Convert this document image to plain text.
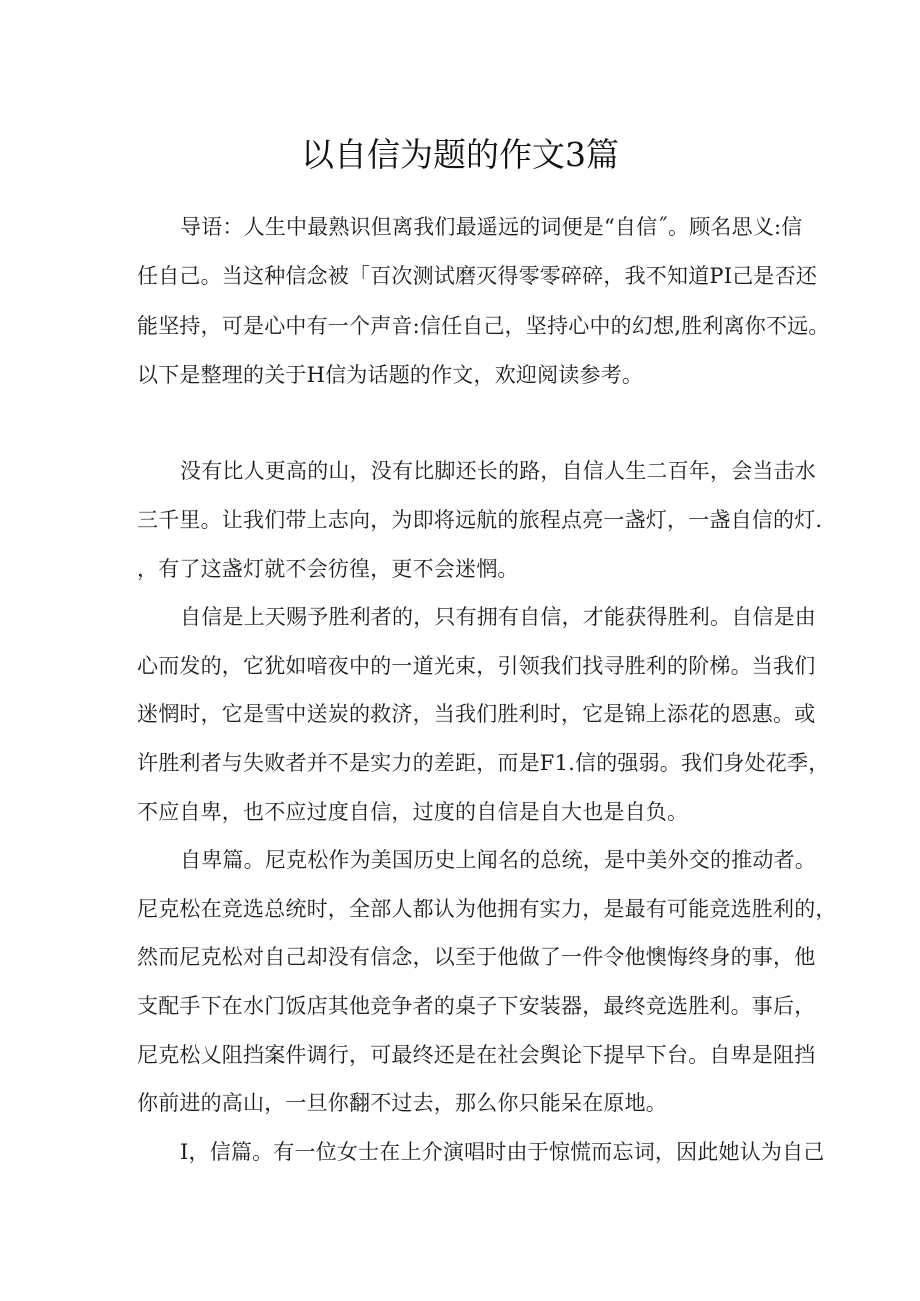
以自信为题的作文3篇
导语：人生中最熟识但离我们最遥远的词便是“自信˝。顾名思义:信
任自己。当这种信念被「百次测试磨灭得零零碎碎，我不知道PI己是否还
能坚持，可是心中有一个声音:信任自己，坚持心中的幻想,胜利离你不远。
以下是整理的关于H信为话题的作文，欢迎阅读参考。
没有比人更高的山，没有比脚还长的路，自信人生二百年，会当击水
三千里。让我们带上志向，为即将远航的旅程点亮一盏灯，一盏自信的灯.
，有了这盏灯就不会彷徨，更不会迷惘。
自信是上天赐予胜利者的，只有拥有自信，才能获得胜利。自信是由
心而发的，它犹如喑夜中的一道光束，引领我们找寻胜利的阶梯。当我们
迷惘时，它是雪中送炭的救济，当我们胜利时，它是锦上添花的恩惠。或
许胜利者与失败者并不是实力的差距，而是F1.信的强弱。我们身处花季，
不应自卑，也不应过度自信，过度的自信是自大也是自负。
自卑篇。尼克松作为美国历史上闻名的总统，是中美外交的推动者。
尼克松在竞选总统时，全部人都认为他拥有实力，是最有可能竞选胜利的，
然而尼克松对自己却没有信念，以至于他做了一件令他懊悔终身的事，他
支配手下在水门饭店其他竞争者的桌子下安装器，最终竞选胜利。事后，
尼克松乂阻挡案件调行，可最终还是在社会舆论下提早下台。自卑是阻挡
你前进的高山，一旦你翻不过去，那么你只能呆在原地。
I，信篇。有一位女士在上介演唱时由于惊慌而忘词，因此她认为自己
